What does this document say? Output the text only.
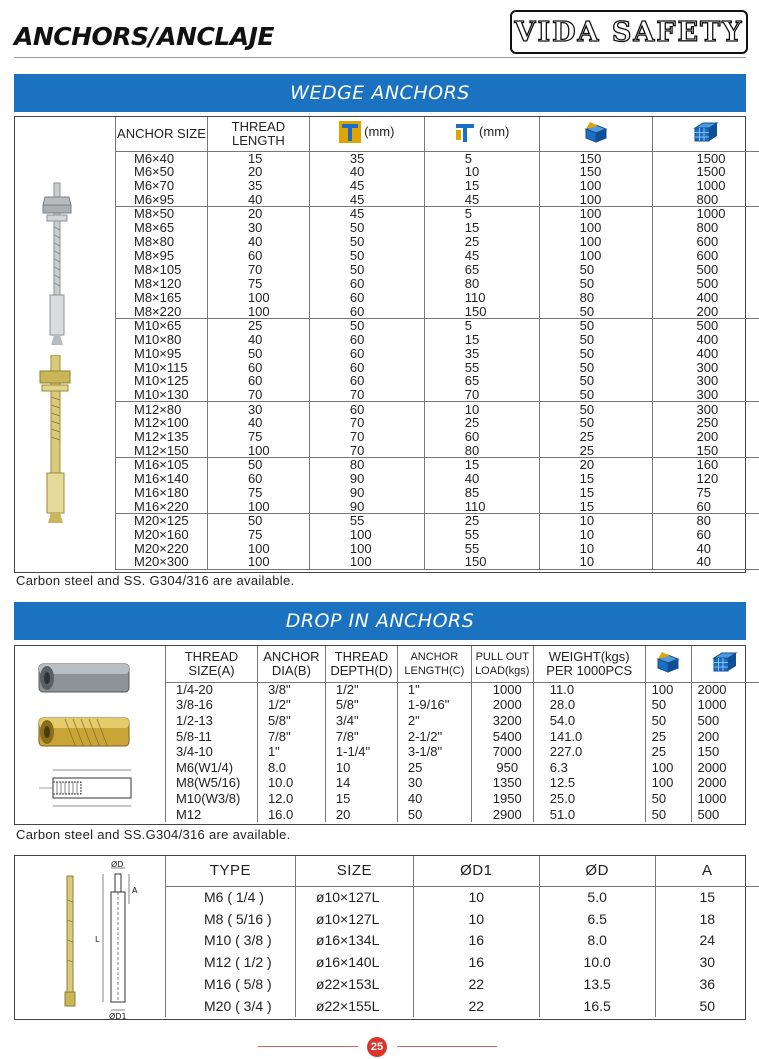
ANCHORS/ANCLAJE	VIDA SAFETY
WEDGE ANCHORS
ANCHOR SIZE	THREAD LENGTH	(mm)	(mm)

M6×40	15	35	5	150	1500
M6×50	20	40	10	150	1500
M6×70	35	45	15	100	1000
M6×95	40	45	45	100	800
M8×50	20	45	5	100	1000
M8×65	30	50	15	100	800
M8×80	40	50	25	100	600
M8×95	60	50	45	100	600
M8×105	70	50	65	50	500
M8×120	75	60	80	50	500
M8×165	100	60	110	80	400
M8×220	100	60	150	50	200
M10×65	25	50	5	50	500
M10×80	40	60	15	50	400
M10×95	50	60	35	50	400
M10×115	60	60	55	50	300
M10×125	60	60	65	50	300
M10×130	70	70	70	50	300
M12×80	30	60	10	50	300
M12×100	40	70	25	50	250
M12×135	75	70	60	25	200
M12×150	100	70	80	25	150
M16×105	50	80	15	20	160
M16×140	60	90	40	15	120
M16×180	75	90	85	15	75
M16×220	100	90	110	15	60
M20×125	50	55	25	10	80
M20×160	75	100	55	10	60
M20×220	100	100	55	10	40
M20×300	100	100	150	10	40
Carbon steel and SS. G304/316 are available.
DROP IN ANCHORS
THREAD SIZE(A)	ANCHOR DIA(B)	THREAD DEPTH(D)	ANCHOR LENGTH(C)	PULL OUT LOAD(kgs)	WEIGHT(kgs) PER 1000PCS		
1/4-20	3/8"	1/2"	1"	1000	11.0	100	2000
3/8-16	1/2"	5/8"	1-9/16"	2000	28.0	50	1000
1/2-13	5/8"	3/4"	2"	3200	54.0	50	500
5/8-11	7/8"	7/8"	2-1/2"	5400	141.0	25	200
3/4-10	1"	1-1/4"	3-1/8"	7000	227.0	25	150
M6(W1/4)	8.0	10	25	950	6.3	100	2000
M8(W5/16)	10.0	14	30	1350	12.5	100	2000
M10(W3/8)	12.0	15	40	1950	25.0	50	1000
M12	16.0	20	50	2900	51.0	50	500
Carbon steel and SS.G304/316 are available.
ØD
A
L
ØD1
TYPE	SIZE	ØD1	ØD	A
M6 ( 1/4 )	ø10×127L	10	5.0	15
M8 ( 5/16 )	ø10×127L	10	6.5	18
M10 ( 3/8 )	ø16×134L	16	8.0	24
M12 ( 1/2 )	ø16×140L	16	10.0	30
M16 ( 5/8 )	ø22×153L	22	13.5	36
M20 ( 3/4 )	ø22×155L	22	16.5	50
25
